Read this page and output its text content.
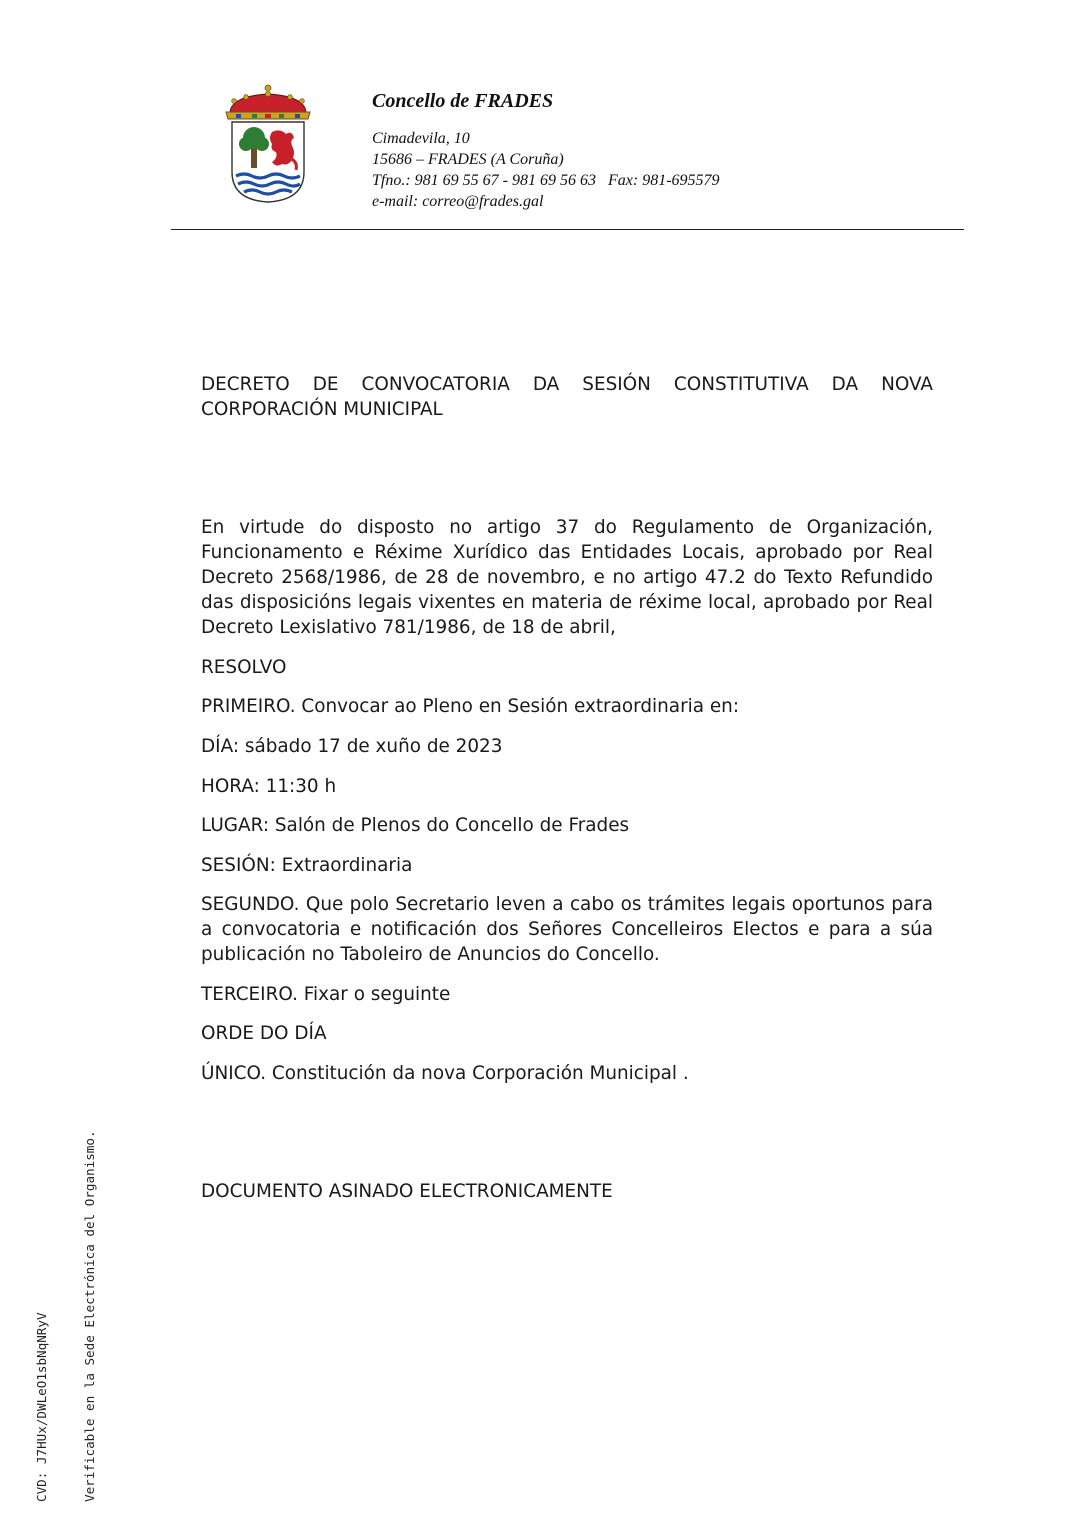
Concello de FRADES
Cimadevila, 10
15686 – FRADES (A Coruña)
Tfno.: 981 69 55 67 - 981 69 56 63   Fax: 981-695579
e-mail: correo@frades.gal
DECRETO DE CONVOCATORIA DA SESIÓN CONSTITUTIVA DA NOVA CORPORACIÓN MUNICIPAL
En virtude do disposto no artigo 37 do Regulamento de Organización, Funcionamento e Réxime Xurídico das Entidades Locais, aprobado por Real Decreto 2568/1986, de 28 de novembro, e no artigo 47.2 do Texto Refundido das disposicións legais vixentes en materia de réxime local, aprobado por Real Decreto Lexislativo 781/1986, de 18 de abril,
RESOLVO
PRIMEIRO. Convocar ao Pleno en Sesión extraordinaria en:
DÍA: sábado 17 de xuño de 2023
HORA: 11:30 h
LUGAR: Salón de Plenos do Concello de Frades
SESIÓN: Extraordinaria
SEGUNDO. Que polo Secretario leven a cabo os trámites legais oportunos para a convocatoria e notificación dos Señores Concelleiros Electos e para a súa publicación no Taboleiro de Anuncios do Concello.
TERCEIRO. Fixar o seguinte
ORDE DO DÍA
ÚNICO. Constitución da nova Corporación Municipal .
DOCUMENTO ASINADO ELECTRONICAMENTE

CVD: J7HUx/DWLeO1sbNqNRyV

	Verificable en la Sede Electrónica del Organismo.
